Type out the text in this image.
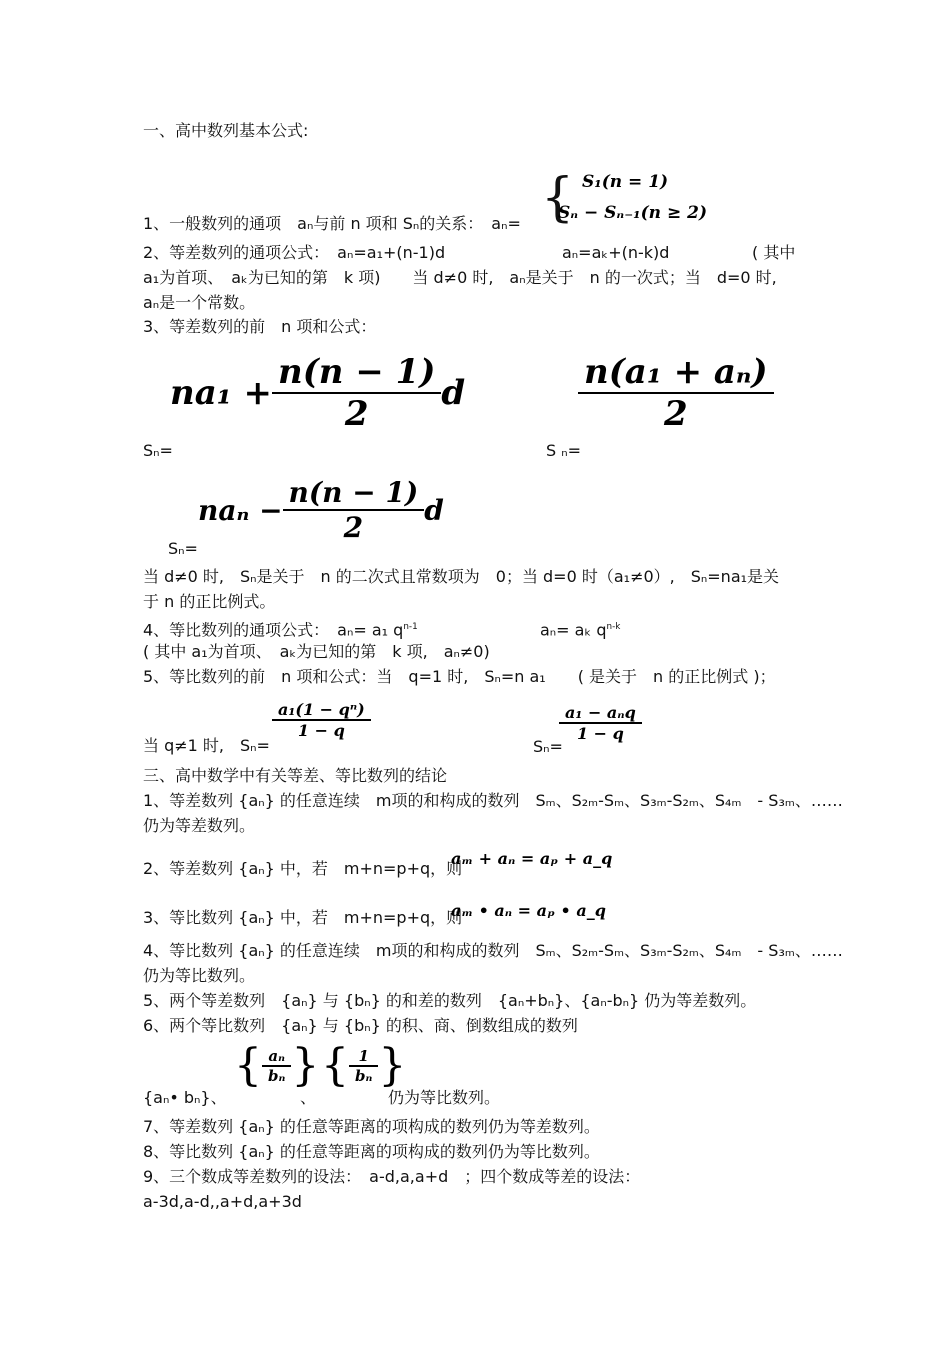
一、高中数列基本公式:
1、一般数列的通项　aₙ与前 n 项和 Sₙ的关系：　aₙ= { S₁(n = 1)
Sₙ − Sₙ₋₁(n ≥ 2)
2、等差数列的通项公式：　aₙ=a₁+(n-1)d	aₙ=aₖ+(n-k)d	( 其中
a₁为首项、　aₖ为已知的第　k 项)　　当 d≠0 时,　aₙ是关于　n 的一次式；当　d=0 时,
aₙ是一个常数。
3、等差数列的前　n 项和公式：
$na_1 + \frac{n(n - 1)}{2}$ d
Sₙ=
$\frac{\text{n(a₁ + aₙ)}}{2}$
S ₙ=
$na_n - \frac{n(n - 1)}{2}$ d
Sₙ=
当 d≠0 时,　Sₙ是关于　n 的二次式且常数项为　0；当 d=0 时（a₁≠0）,　Sₙ=na₁是关
于 n 的正比例式。
4、等比数列的通项公式：　aₙ= a₁ $q^{n-1}$	aₙ= aₖ $q^{n-k}$
( 其中 a₁为首项、　aₖ为已知的第　k 项,　aₙ≠0)
5、等比数列的前　n 项和公式：当　q=1 时,　Sₙ=n a₁　　( 是关于　n 的正比例式 )；
$\frac{\text{a₁(1 − qⁿ)}}{1 - q}$
当 q≠1 时,　Sₙ=
$\frac{\text{a₁ − aₙq}}{1 - q}$
Sₙ=
三、高中数学中有关等差、等比数列的结论
1、等差数列 {aₙ} 的任意连续　m项的和构成的数列　Sₘ、S₂ₘ-Sₘ、S₃ₘ-S₂ₘ、S₄ₘ　- S₃ₘ、……
仍为等差数列。
2、等差数列 {aₙ} 中，若　m+n=p+q，则
aₘ + aₙ = aₚ + a_q
3、等比数列 {aₙ} 中，若　m+n=p+q，则
aₘ • aₙ = aₚ • a_q
4、等比数列 {aₙ} 的任意连续　m项的和构成的数列　Sₘ、S₂ₘ-Sₘ、S₃ₘ-S₂ₘ、S₄ₘ　- S₃ₘ、……
仍为等比数列。
5、两个等差数列　{aₙ} 与 {bₙ} 的和差的数列　{aₙ+bₙ}、{aₙ-bₙ} 仍为等差数列。
6、两个等比数列　{aₙ} 与 {bₙ} 的积、商、倒数组成的数列
{aₙ• bₙ}、
{ $\frac{\text{aₙ}}{\text{bₙ}}$ }
、
{ $\frac{1}{\text{bₙ}}$ }
仍为等比数列。
7、等差数列 {aₙ} 的任意等距离的项构成的数列仍为等差数列。
8、等比数列 {aₙ} 的任意等距离的项构成的数列仍为等比数列。
9、三个数成等差数列的设法：　a-d,a,a+d　；四个数成等差的设法：
a-3d,a-d,,a+d,a+3d
